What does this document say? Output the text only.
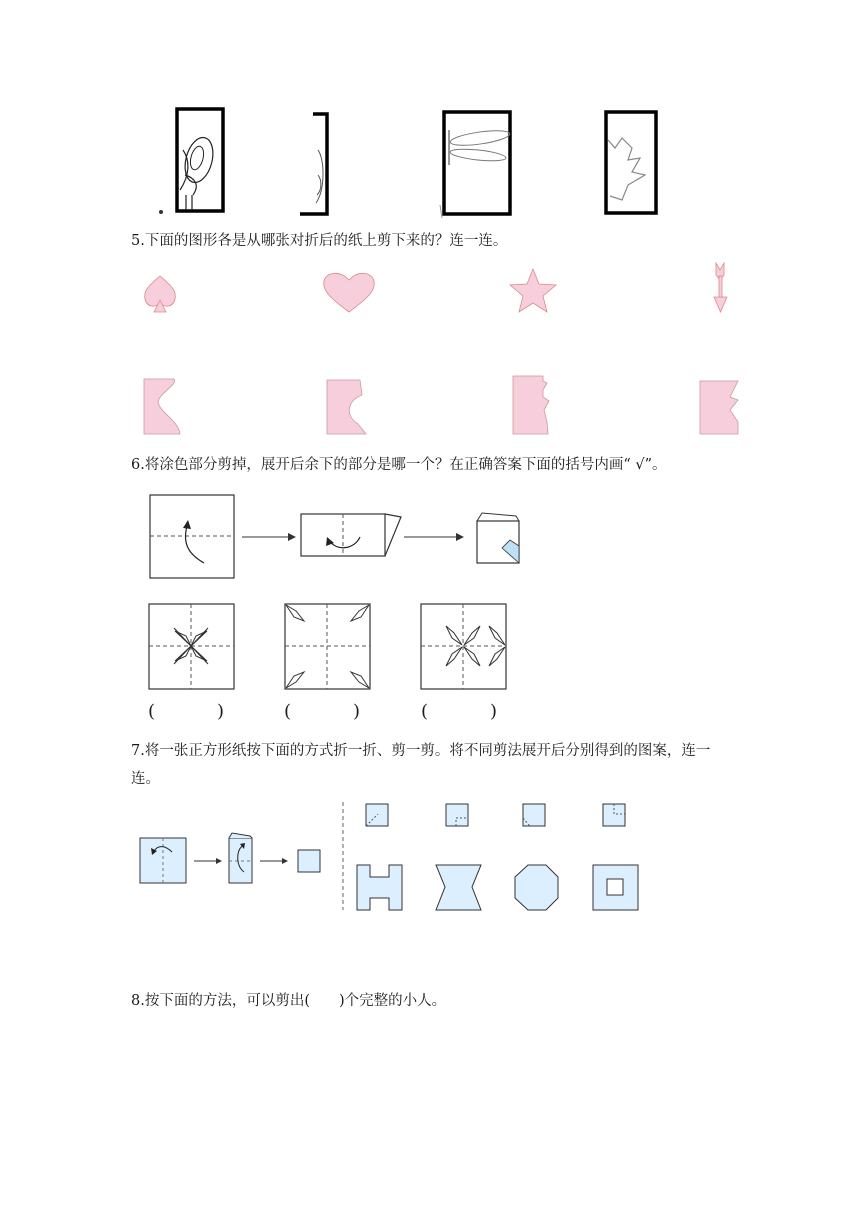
5.下面的图形各是从哪张对折后的纸上剪下来的？连一连。
6.将涂色部分剪掉，展开后余下的部分是哪一个？在正确答案下面的括号内画“ √”。
(	)	(	)	(	)
7.将一张正方形纸按下面的方式折一折、剪一剪。将不同剪法展开后分别得到的图案，连一
连。
8.按下面的方法，可以剪出(　　)个完整的小人。
